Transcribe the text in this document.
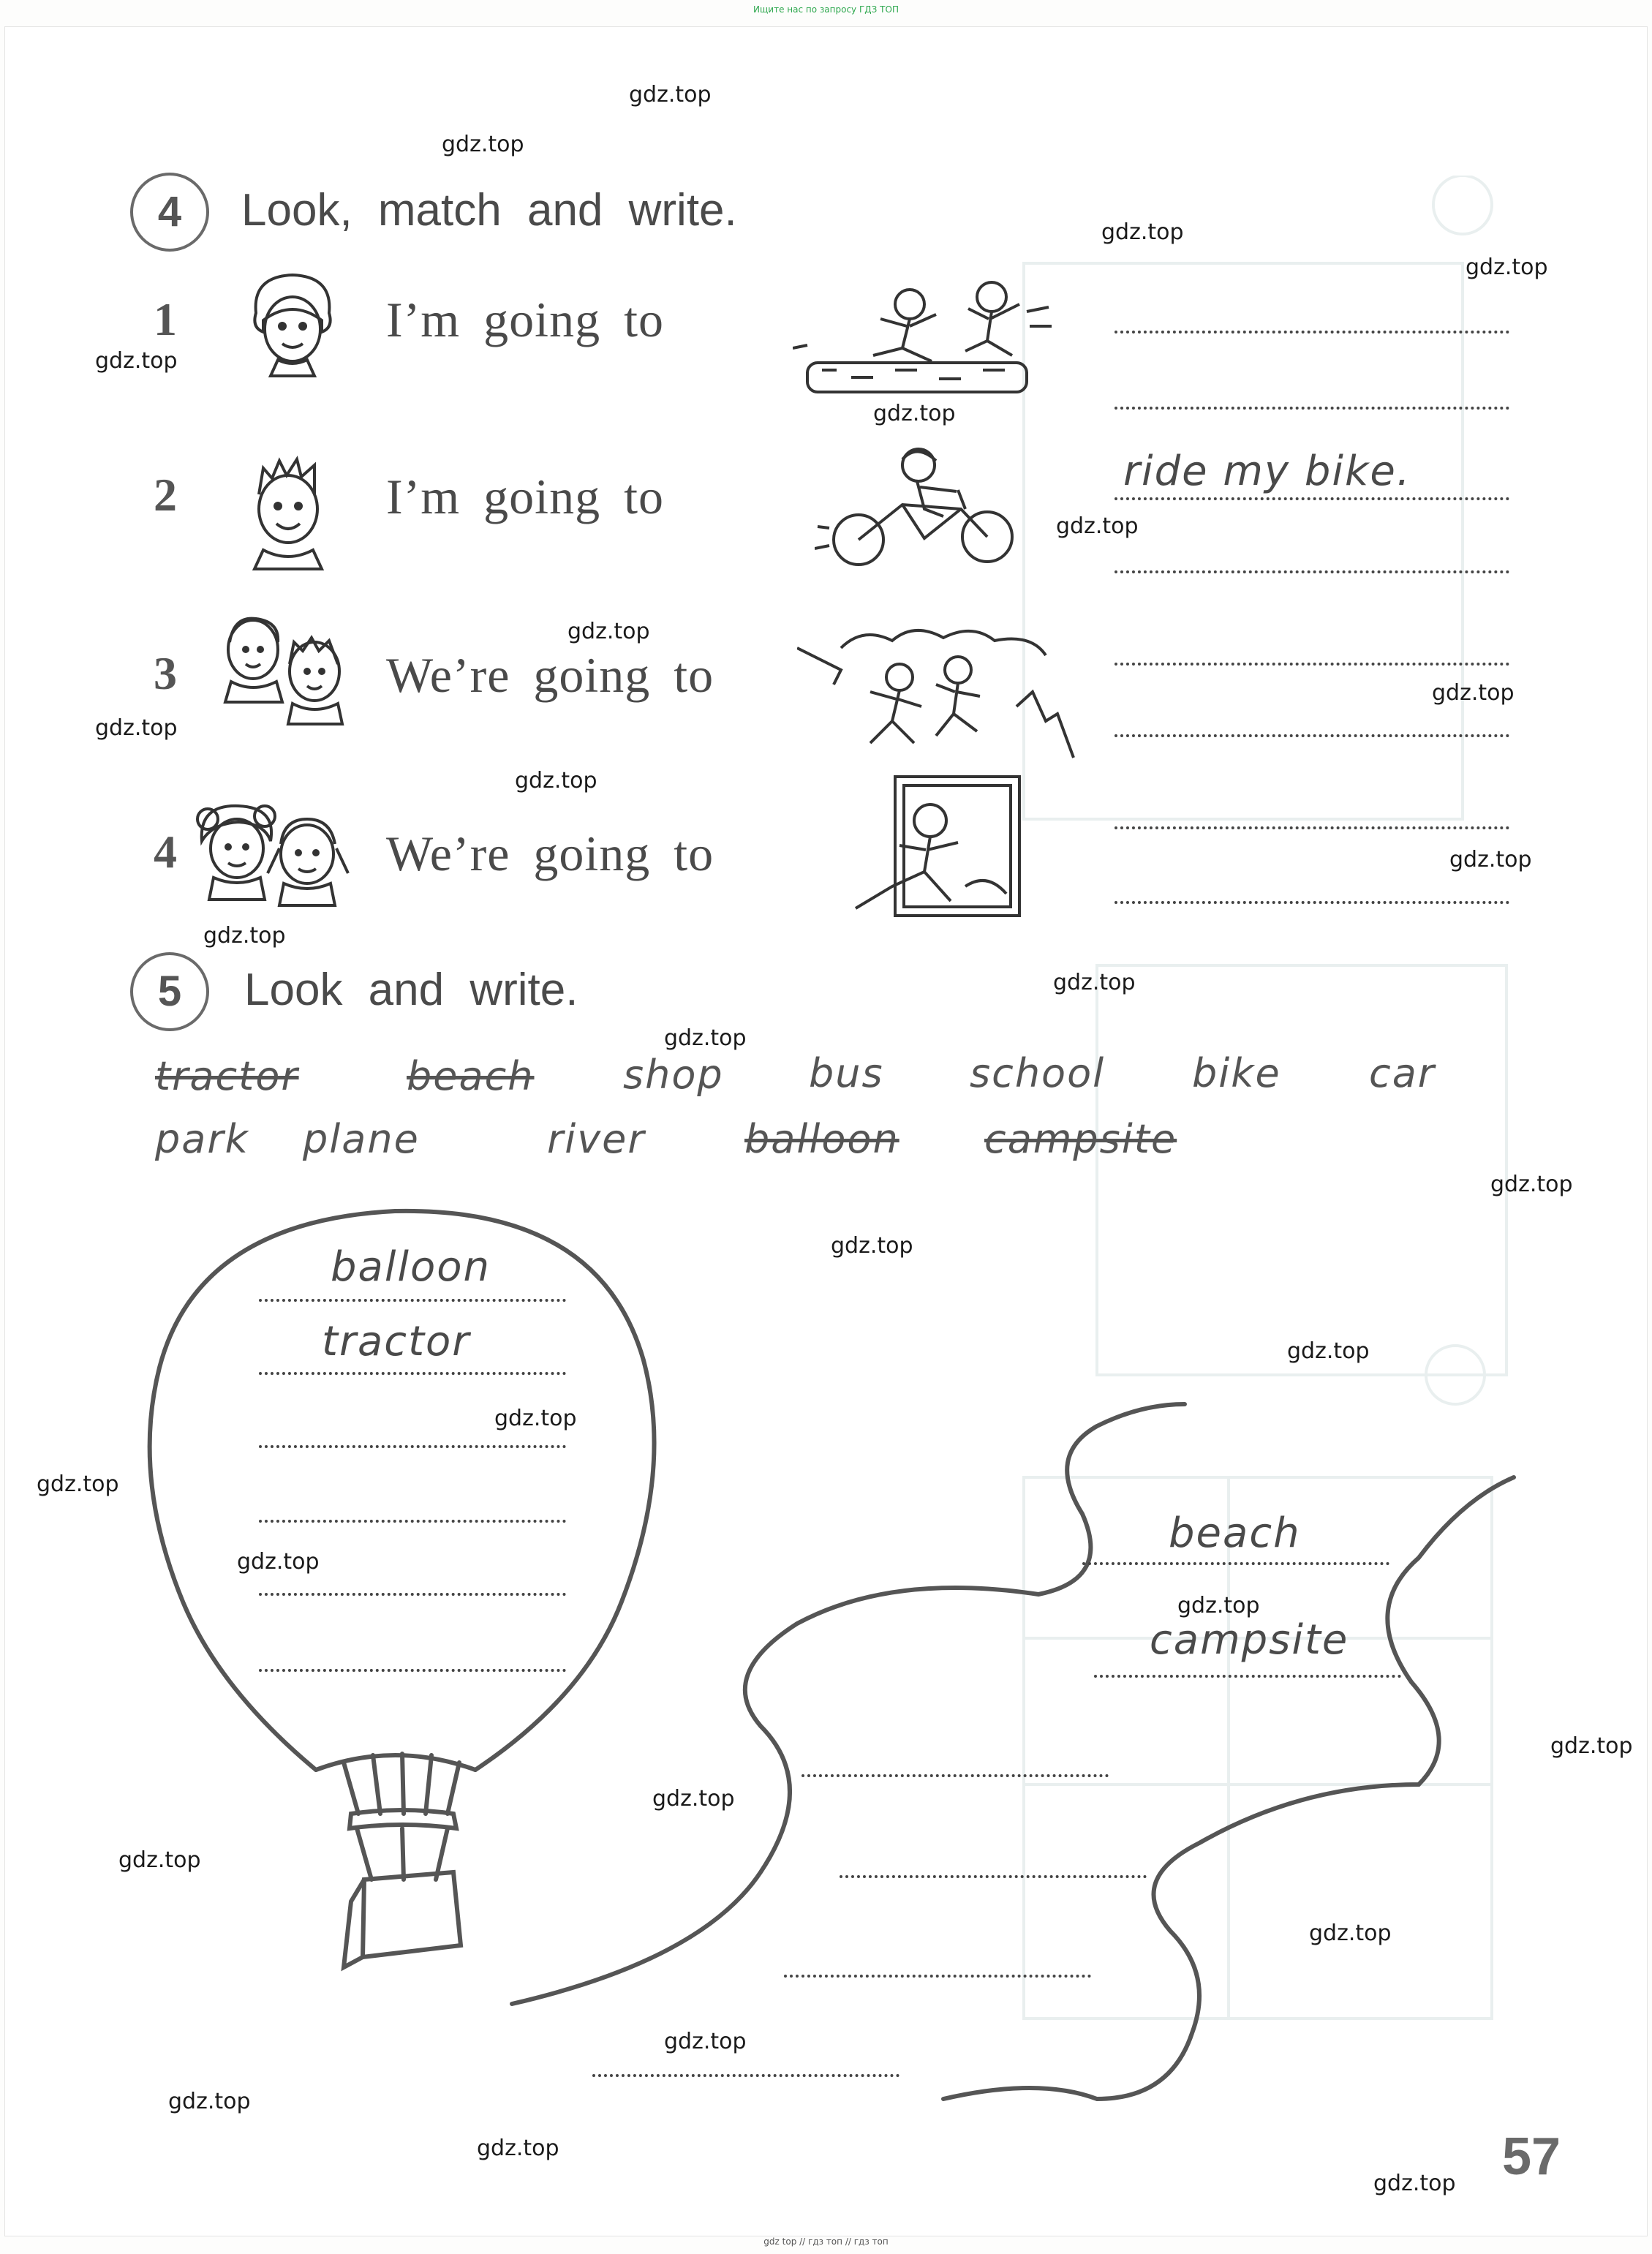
Ищите нас по запросу ГДЗ ТОП
gdz top // гдз топ // гдз топ
gdz.top
gdz.top
gdz.top
gdz.top
gdz.top
gdz.top
gdz.top
gdz.top
gdz.top
gdz.top
gdz.top
gdz.top
gdz.top
gdz.top
gdz.top
gdz.top
gdz.top
gdz.top
gdz.top
gdz.top
gdz.top
gdz.top
gdz.top
gdz.top
gdz.top
gdz.top
gdz.top
gdz.top
gdz.top
gdz.top
4	Look, match and write.
1	I’m going to
2	I’m going to
3	We’re going to
4	We’re going to
ride my bike.
5	Look and write.
tractor	beach shop bus school bike car
park plane	river	balloon campsite
balloon
tractor
beach
campsite
57
